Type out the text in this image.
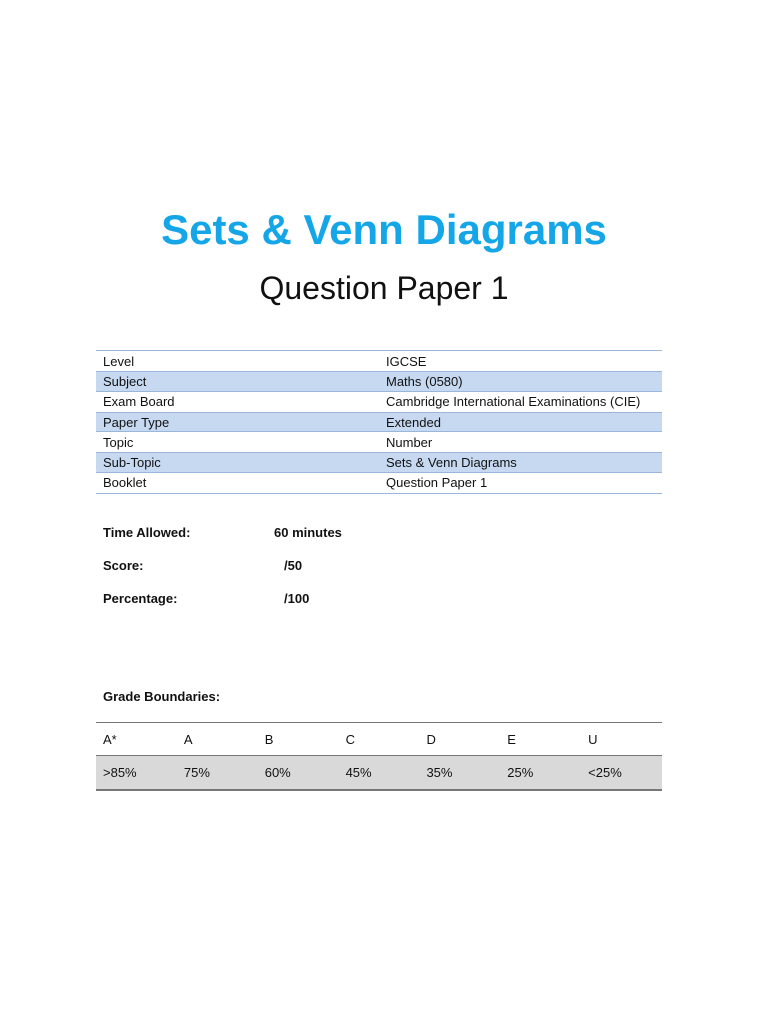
Sets & Venn Diagrams
Question Paper 1
Level	IGCSE
Subject	Maths (0580)
Exam Board	Cambridge International Examinations (CIE)
Paper Type	Extended
Topic	Number
Sub-Topic	Sets & Venn Diagrams
Booklet	Question Paper 1
Time Allowed:	60 minutes
Score:	/50
Percentage:	/100
Grade Boundaries:
A*	A	B	C	D	E	U
>85%	75%	60%	45%	35%	25%	<25%
